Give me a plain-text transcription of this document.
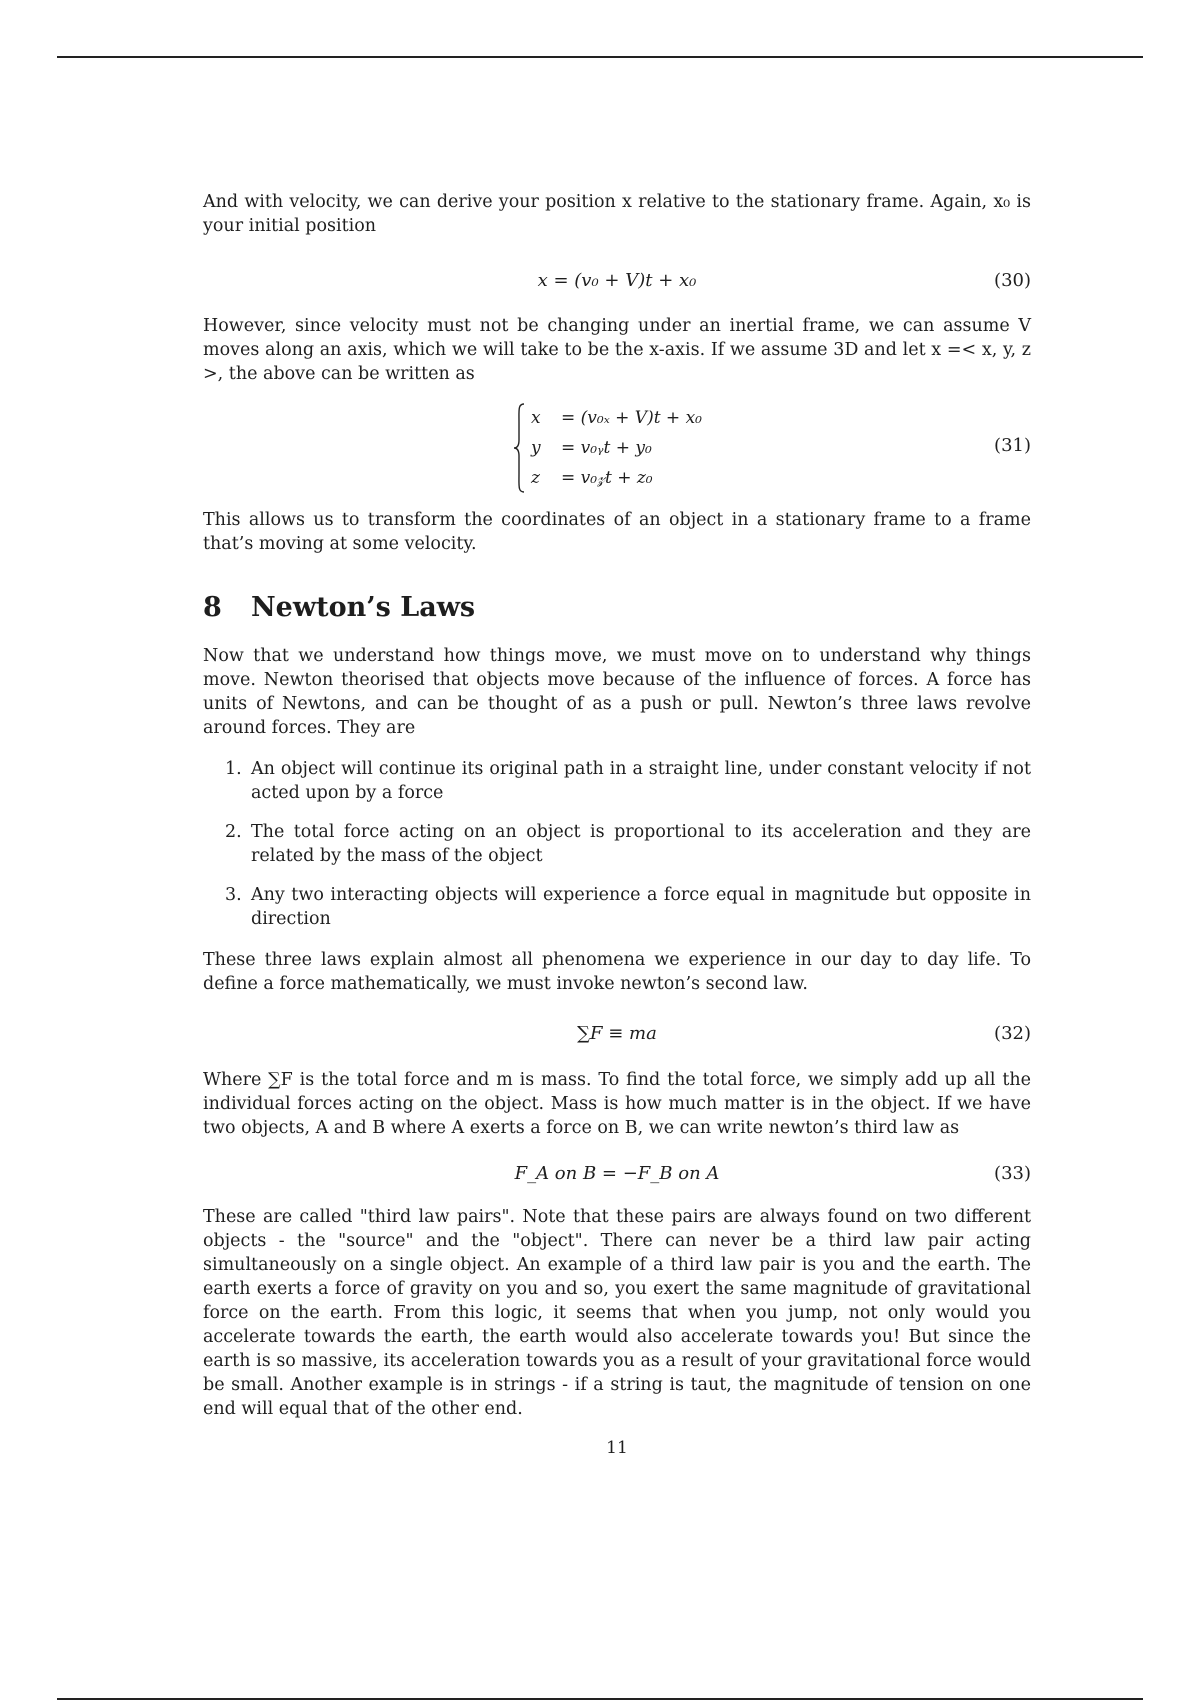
And with velocity, we can derive your position x relative to the stationary frame. Again, x₀ is your initial position

x = (v₀ + V)t + x₀	(30)

However, since velocity must not be changing under an inertial frame, we can assume V moves along an axis, which we will take to be the x-axis. If we assume 3D and let x =< x, y, z >, the above can be written as

x = (v₀ₓ + V)t + x₀
y = v₀ᵧt + y₀
z = v₀𝓏t + z₀
(31)

This allows us to transform the coordinates of an object in a stationary frame to a frame that’s moving at some velocity.

8 Newton’s Laws

Now that we understand how things move, we must move on to understand why things move. Newton theorised that objects move because of the influence of forces. A force has units of Newtons, and can be thought of as a push or pull. Newton’s three laws revolve around forces. They are

1. An object will continue its original path in a straight line, under constant velocity if not acted upon by a force
2. The total force acting on an object is proportional to its acceleration and they are related by the mass of the object
3. Any two interacting objects will experience a force equal in magnitude but opposite in direction

These three laws explain almost all phenomena we experience in our day to day life. To define a force mathematically, we must invoke newton’s second law.

∑F ≡ ma	(32)

Where ∑F is the total force and m is mass. To find the total force, we simply add up all the individual forces acting on the object. Mass is how much matter is in the object. If we have two objects, A and B where A exerts a force on B, we can write newton’s third law as

F_A on B = −F_B on A	(33)

These are called "third law pairs". Note that these pairs are always found on two different objects - the "source" and the "object". There can never be a third law pair acting simultaneously on a single object. An example of a third law pair is you and the earth. The earth exerts a force of gravity on you and so, you exert the same magnitude of gravitational force on the earth. From this logic, it seems that when you jump, not only would you accelerate towards the earth, the earth would also accelerate towards you! But since the earth is so massive, its acceleration towards you as a result of your gravitational force would be small. Another example is in strings - if a string is taut, the magnitude of tension on one end will equal that of the other end.

11
